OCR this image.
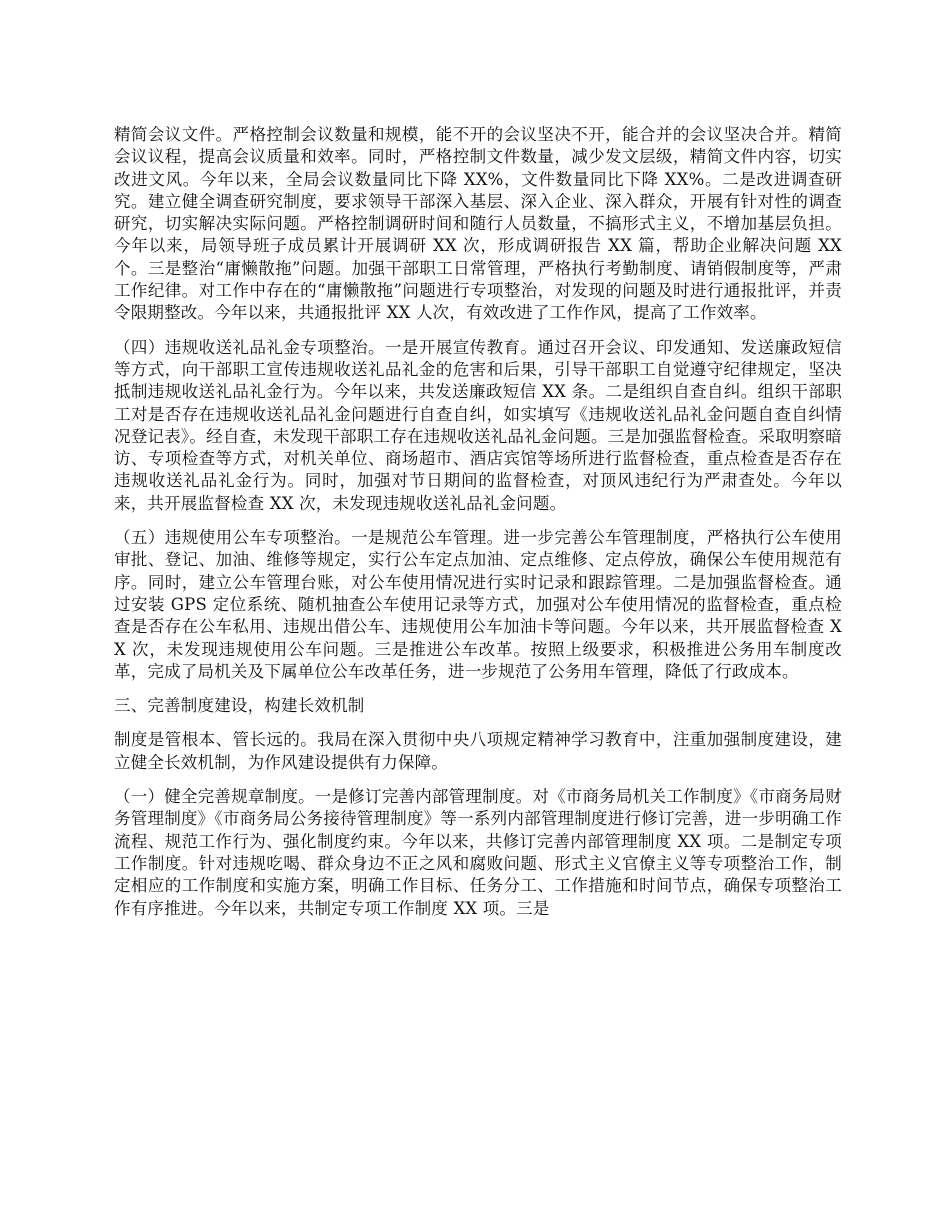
精简会议文件。严格控制会议数量和规模，能不开的会议坚决不开，能合并的会议坚决合并。精简会议议程，提高会议质量和效率。同时，严格控制文件数量，减少发文层级，精简文件内容，切实改进文风。今年以来，全局会议数量同比下降 XX%，文件数量同比下降 XX%。二是改进调查研究。建立健全调查研究制度，要求领导干部深入基层、深入企业、深入群众，开展有针对性的调查研究，切实解决实际问题。严格控制调研时间和随行人员数量，不搞形式主义，不增加基层负担。今年以来，局领导班子成员累计开展调研 XX 次，形成调研报告 XX 篇，帮助企业解决问题 XX 个。三是整治“庸懒散拖”问题。加强干部职工日常管理，严格执行考勤制度、请销假制度等，严肃工作纪律。对工作中存在的“庸懒散拖”问题进行专项整治，对发现的问题及时进行通报批评，并责令限期整改。今年以来，共通报批评 XX 人次，有效改进了工作作风，提高了工作效率。

（四）违规收送礼品礼金专项整治。一是开展宣传教育。通过召开会议、印发通知、发送廉政短信等方式，向干部职工宣传违规收送礼品礼金的危害和后果，引导干部职工自觉遵守纪律规定，坚决抵制违规收送礼品礼金行为。今年以来，共发送廉政短信 XX 条。二是组织自查自纠。组织干部职工对是否存在违规收送礼品礼金问题进行自查自纠，如实填写《违规收送礼品礼金问题自查自纠情况登记表》。经自查，未发现干部职工存在违规收送礼品礼金问题。三是加强监督检查。采取明察暗访、专项检查等方式，对机关单位、商场超市、酒店宾馆等场所进行监督检查，重点检查是否存在违规收送礼品礼金行为。同时，加强对节日期间的监督检查，对顶风违纪行为严肃查处。今年以来，共开展监督检查 XX 次，未发现违规收送礼品礼金问题。

（五）违规使用公车专项整治。一是规范公车管理。进一步完善公车管理制度，严格执行公车使用审批、登记、加油、维修等规定，实行公车定点加油、定点维修、定点停放，确保公车使用规范有序。同时，建立公车管理台账，对公车使用情况进行实时记录和跟踪管理。二是加强监督检查。通过安装 GPS 定位系统、随机抽查公车使用记录等方式，加强对公车使用情况的监督检查，重点检查是否存在公车私用、违规出借公车、违规使用公车加油卡等问题。今年以来，共开展监督检查 XX 次，未发现违规使用公车问题。三是推进公车改革。按照上级要求，积极推进公务用车制度改革，完成了局机关及下属单位公车改革任务，进一步规范了公务用车管理，降低了行政成本。

三、完善制度建设，构建长效机制

制度是管根本、管长远的。我局在深入贯彻中央八项规定精神学习教育中，注重加强制度建设，建立健全长效机制，为作风建设提供有力保障。

（一）健全完善规章制度。一是修订完善内部管理制度。对《市商务局机关工作制度》《市商务局财务管理制度》《市商务局公务接待管理制度》等一系列内部管理制度进行修订完善，进一步明确工作流程、规范工作行为、强化制度约束。今年以来，共修订完善内部管理制度 XX 项。二是制定专项工作制度。针对违规吃喝、群众身边不正之风和腐败问题、形式主义官僚主义等专项整治工作，制定相应的工作制度和实施方案，明确工作目标、任务分工、工作措施和时间节点，确保专项整治工作有序推进。今年以来，共制定专项工作制度 XX 项。三是
